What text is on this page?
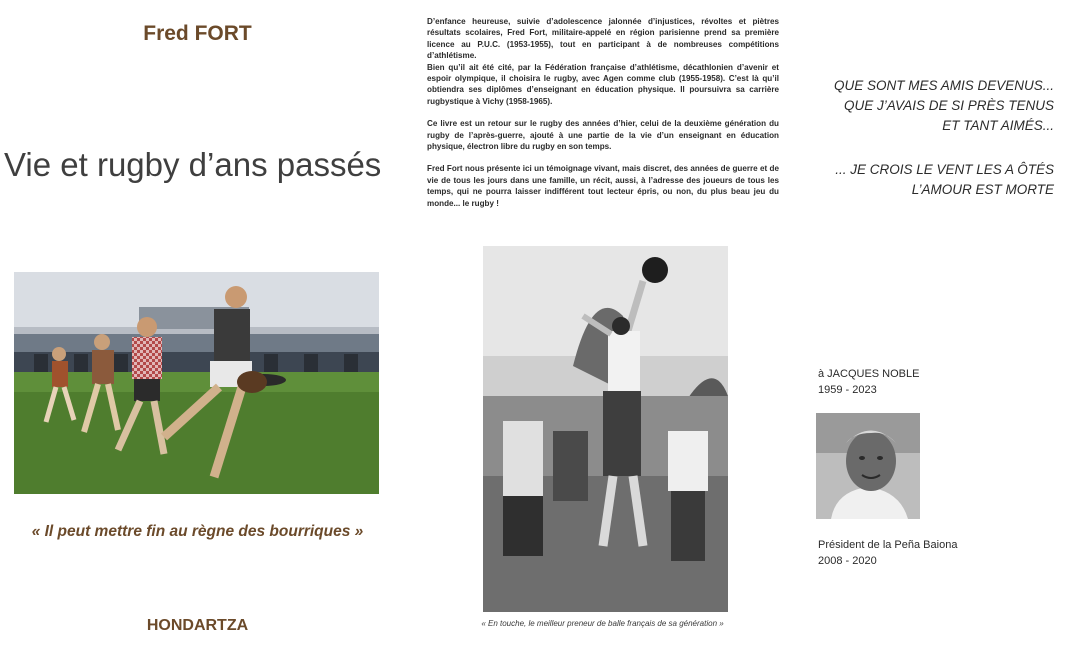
Fred FORT
Vie et rugby d’ans passés
« Il peut mettre fin au règne des bourriques »
HONDARTZA

D’enfance heureuse, suivie d’adolescence jalonnée d’injustices, révoltes et piètres résultats scolaires, Fred Fort, militaire-appelé en région parisienne prend sa première licence au P.U.C. (1953-1955), tout en participant à de nombreuses compétitions d’athlétisme.

Bien qu’il ait été cité, par la Fédération française d’athlétisme, décathlonien d’avenir et espoir olympique, il choisira le rugby, avec Agen comme club (1955-1958). C’est là qu’il obtiendra ses diplômes d’enseignant en éducation physique. Il poursuivra sa carrière rugbystique à Vichy (1958-1965).

Ce livre est un retour sur le rugby des années d’hier, celui de la deuxième génération du rugby de l’après-guerre, ajouté à une partie de la vie d’un enseignant en éducation physique, électron libre du rugby en son temps.

Fred Fort nous présente ici un témoignage vivant, mais discret, des années de guerre et de vie de tous les jours dans une famille, un récit, aussi, à l’adresse des joueurs de tous les temps, qui ne pourra laisser indifférent tout lecteur épris, ou non, du plus beau jeu du monde... le rugby !

« En touche, le meilleur preneur de balle français de sa génération »
QUE SONT MES AMIS DEVENUS...
QUE J’AVAIS DE SI PRÈS TENUS
ET TANT AIMÉS...
... JE CROIS LE VENT LES A ÔTÉS
L’AMOUR EST MORTE
à JACQUES NOBLE
1959 - 2023
Président de la Peña Baiona
2008 - 2020
